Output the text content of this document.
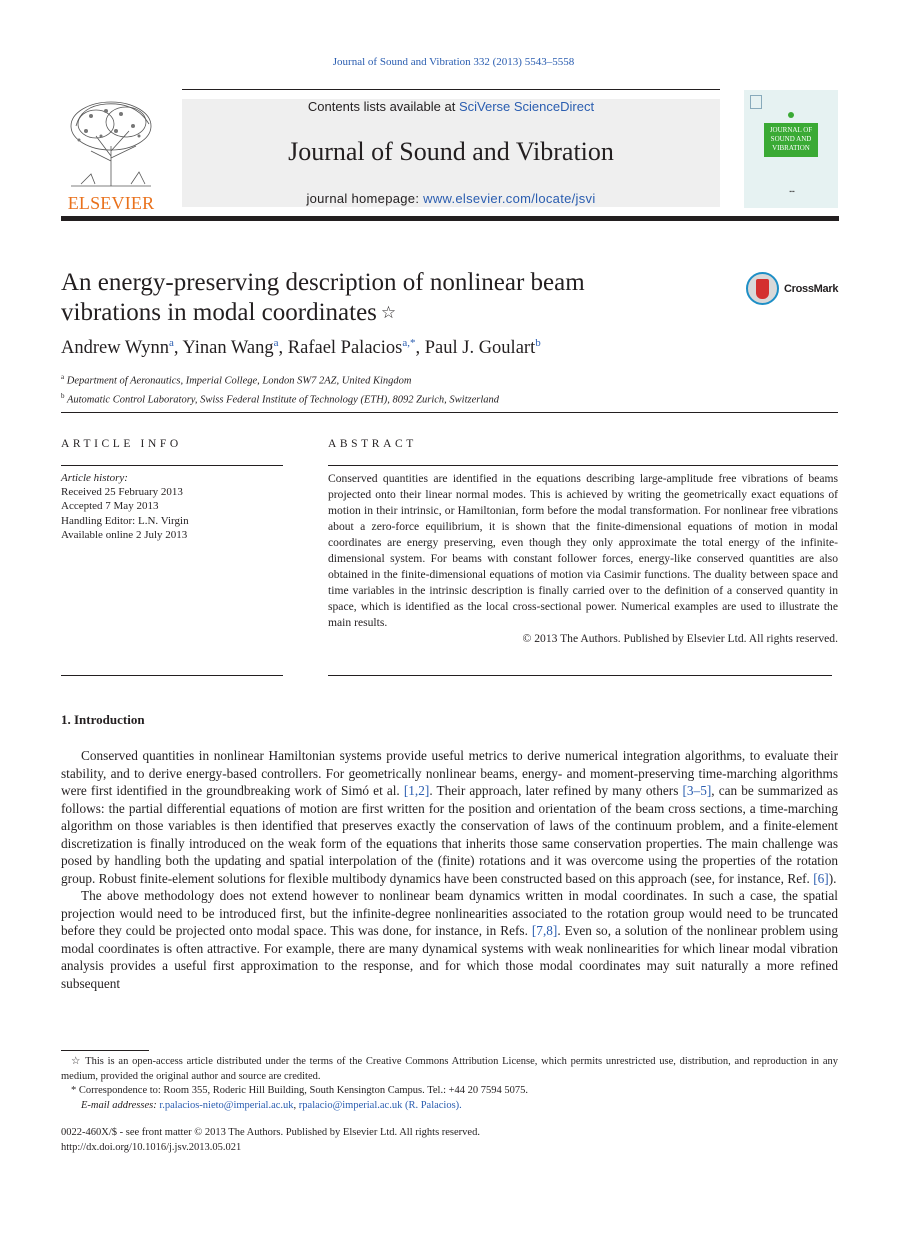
Journal of Sound and Vibration 332 (2013) 5543–5558
ELSEVIER
Contents lists available at SciVerse ScienceDirect
Journal of Sound and Vibration
journal homepage: www.elsevier.com/locate/jsvi
JOURNAL OF SOUND AND VIBRATION
▪▪▪
An energy-preserving description of nonlinear beam
vibrations in modal coordinates ☆
CrossMark
Andrew Wynn$^a$, Yinan Wang$^a$, Rafael Palacios$^{a,*}$, Paul J. Goulart$^b$
$^a$ Department of Aeronautics, Imperial College, London SW7 2AZ, United Kingdom
$^b$ Automatic Control Laboratory, Swiss Federal Institute of Technology (ETH), 8092 Zurich, Switzerland
ARTICLE INFO	ABSTRACT
Article history:
Received 25 February 2013
Accepted 7 May 2013
Handling Editor: L.N. Virgin
Available online 2 July 2013
Conserved quantities are identified in the equations describing large-amplitude free vibrations of beams projected onto their linear normal modes. This is achieved by writing the geometrically exact equations of motion in their intrinsic, or Hamiltonian, form before the modal transformation. For nonlinear free vibrations about a zero-force equilibrium, it is shown that the finite-dimensional equations of motion in modal coordinates are energy preserving, even though they only approximate the total energy of the infinite-dimensional system. For beams with constant follower forces, energy-like conserved quantities are also obtained in the finite-dimensional equations of motion via Casimir functions. The duality between space and time variables in the intrinsic description is finally carried over to the definition of a conserved quantity in space, which is identified as the local cross-sectional power. Numerical examples are used to illustrate the main results.
© 2013 The Authors. Published by Elsevier Ltd. All rights reserved.
1. Introduction

Conserved quantities in nonlinear Hamiltonian systems provide useful metrics to derive numerical integration algorithms, to evaluate their stability, and to derive energy-based controllers. For geometrically nonlinear beams, energy- and moment-preserving time-marching algorithms were first identified in the groundbreaking work of Simó et al. [1,2]. Their approach, later refined by many others [3–5], can be summarized as follows: the partial differential equations of motion are first written for the position and orientation of the beam cross sections, a time-marching algorithm on those variables is then identified that preserves exactly the conservation of laws of the continuum problem, and a finite-element discretization is finally introduced on the weak form of the equations that inherits those same conservation properties. The main challenge was posed by handling both the updating and spatial interpolation of the (finite) rotations and it was overcome using the properties of the rotation group. Robust finite-element solutions for flexible multibody dynamics have been constructed based on this approach (see, for instance, Ref. [6]).

The above methodology does not extend however to nonlinear beam dynamics written in modal coordinates. In such a case, the spatial projection would need to be introduced first, but the infinite-degree nonlinearities associated to the rotation group would need to be truncated before they could be projected onto modal space. This was done, for instance, in Refs. [7,8]. Even so, a solution of the nonlinear problem using modal coordinates is often attractive. For example, there are many dynamical systems with weak nonlinearities for which linear modal vibration analysis provides a useful first approximation to the response, and for which those modal coordinates may suit naturally a more refined subsequent

☆ This is an open-access article distributed under the terms of the Creative Commons Attribution License, which permits unrestricted use, distribution, and reproduction in any medium, provided the original author and source are credited.

* Correspondence to: Room 355, Roderic Hill Building, South Kensington Campus. Tel.: +44 20 7594 5075.

E-mail addresses: r.palacios-nieto@imperial.ac.uk, rpalacio@imperial.ac.uk (R. Palacios).

0022-460X/$ - see front matter © 2013 The Authors. Published by Elsevier Ltd. All rights reserved.
http://dx.doi.org/10.1016/j.jsv.2013.05.021
